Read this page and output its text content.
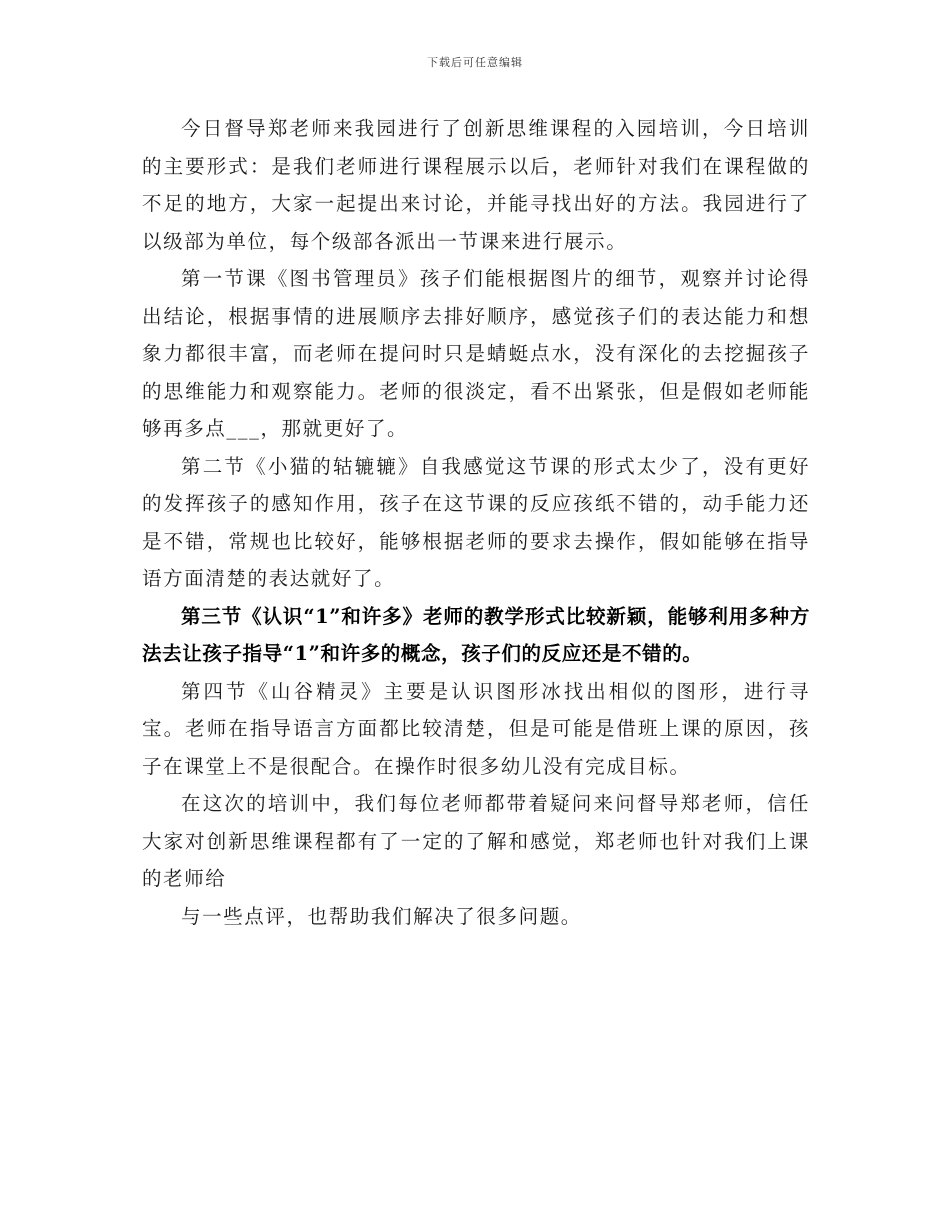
下载后可任意编辑

今日督导郑老师来我园进行了创新思维课程的入园培训，今日培训的主要形式：是我们老师进行课程展示以后，老师针对我们在课程做的不足的地方，大家一起提出来讨论，并能寻找出好的方法。我园进行了以级部为单位，每个级部各派出一节课来进行展示。

第一节课《图书管理员》孩子们能根据图片的细节，观察并讨论得出结论，根据事情的进展顺序去排好顺序，感觉孩子们的表达能力和想象力都很丰富，而老师在提问时只是蜻蜓点水，没有深化的去挖掘孩子的思维能力和观察能力。老师的很淡定，看不出紧张，但是假如老师能够再多点___，那就更好了。

第二节《小猫的轱辘辘》自我感觉这节课的形式太少了，没有更好的发挥孩子的感知作用，孩子在这节课的反应孩纸不错的，动手能力还是不错，常规也比较好，能够根据老师的要求去操作，假如能够在指导语方面清楚的表达就好了。

第三节《认识“1”和许多》老师的教学形式比较新颖，能够利用多种方法去让孩子指导“1”和许多的概念，孩子们的反应还是不错的。

第四节《山谷精灵》主要是认识图形冰找出相似的图形，进行寻宝。老师在指导语言方面都比较清楚，但是可能是借班上课的原因，孩子在课堂上不是很配合。在操作时很多幼儿没有完成目标。

在这次的培训中，我们每位老师都带着疑问来问督导郑老师，信任大家对创新思维课程都有了一定的了解和感觉，郑老师也针对我们上课的老师给

与一些点评，也帮助我们解决了很多问题。
